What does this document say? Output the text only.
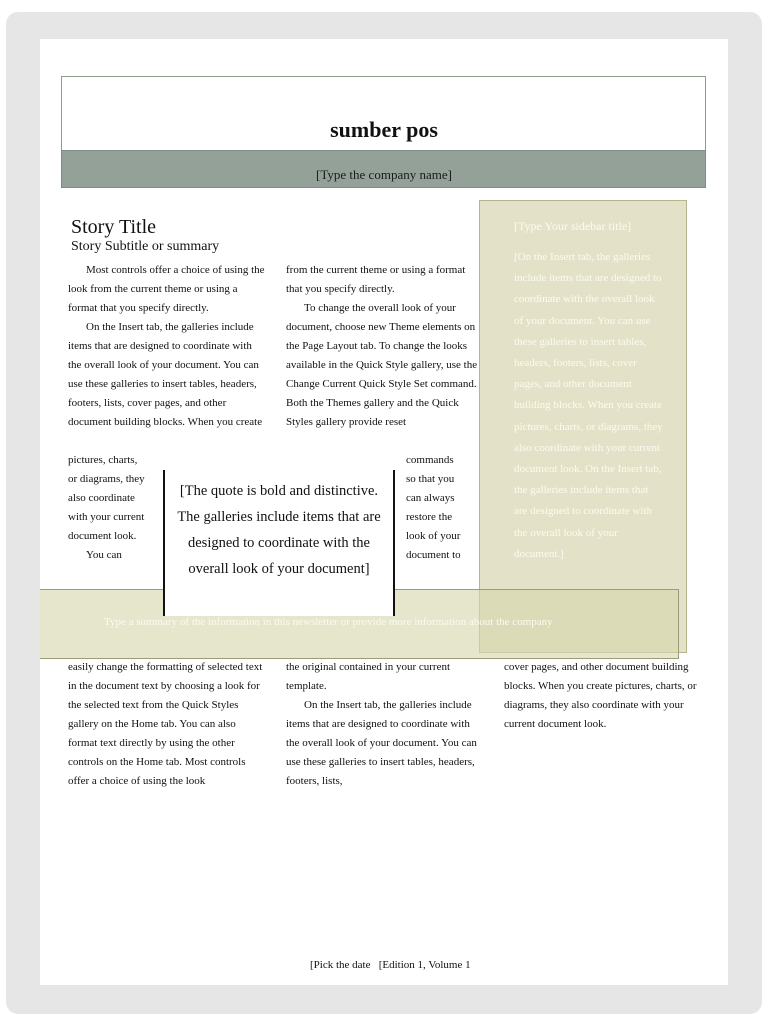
sumber pos
[Type the company name]
Story Title
Story Subtitle or summary

Most controls offer a choice of using the look from the current theme or using a format that you specify directly.

On the Insert tab, the galleries include items that are designed to coordinate with the overall look of your document. You can use these galleries to insert tables, headers, footers, lists, cover pages, and other document building blocks. When you create

pictures, charts,

or diagrams, they

also coordinate

with your current

document look.

You can

from the current theme or using a format that you specify directly.

To change the overall look of your document, choose new Theme elements on the Page Layout tab. To change the looks available in the Quick Style gallery, use the Change Current Quick Style Set command. Both the Themes gallery and the Quick Styles gallery provide reset

commands

so that you

can always

restore the

look of your

document to

[Type Your sidebar title]

[On the Insert tab, the galleries include items that are designed to coordinate with the overall look of your document. You can use these galleries to insert tables, headers, footers, lists, cover pages, and other document building blocks. When you create pictures, charts, or diagrams, they also coordinate with your current document look. On the Insert tab, the galleries include items that are designed to coordinate with the overall look of your document.]

Type a summary of the information in this newsletter or provide more information about the company

[The quote is bold and distinctive. The galleries include items that are designed to coordinate with the overall look of your document]

easily change the formatting of selected text in the document text by choosing a look for the selected text from the Quick Styles gallery on the Home tab. You can also format text directly by using the other controls on the Home tab. Most controls offer a choice of using the look

the original contained in your current template.

On the Insert tab, the galleries include items that are designed to coordinate with the overall look of your document. You can use these galleries to insert tables, headers, footers, lists,

cover pages, and other document building blocks. When you create pictures, charts, or diagrams, they also coordinate with your current document look.

[Pick the date [Edition 1, Volume 1
